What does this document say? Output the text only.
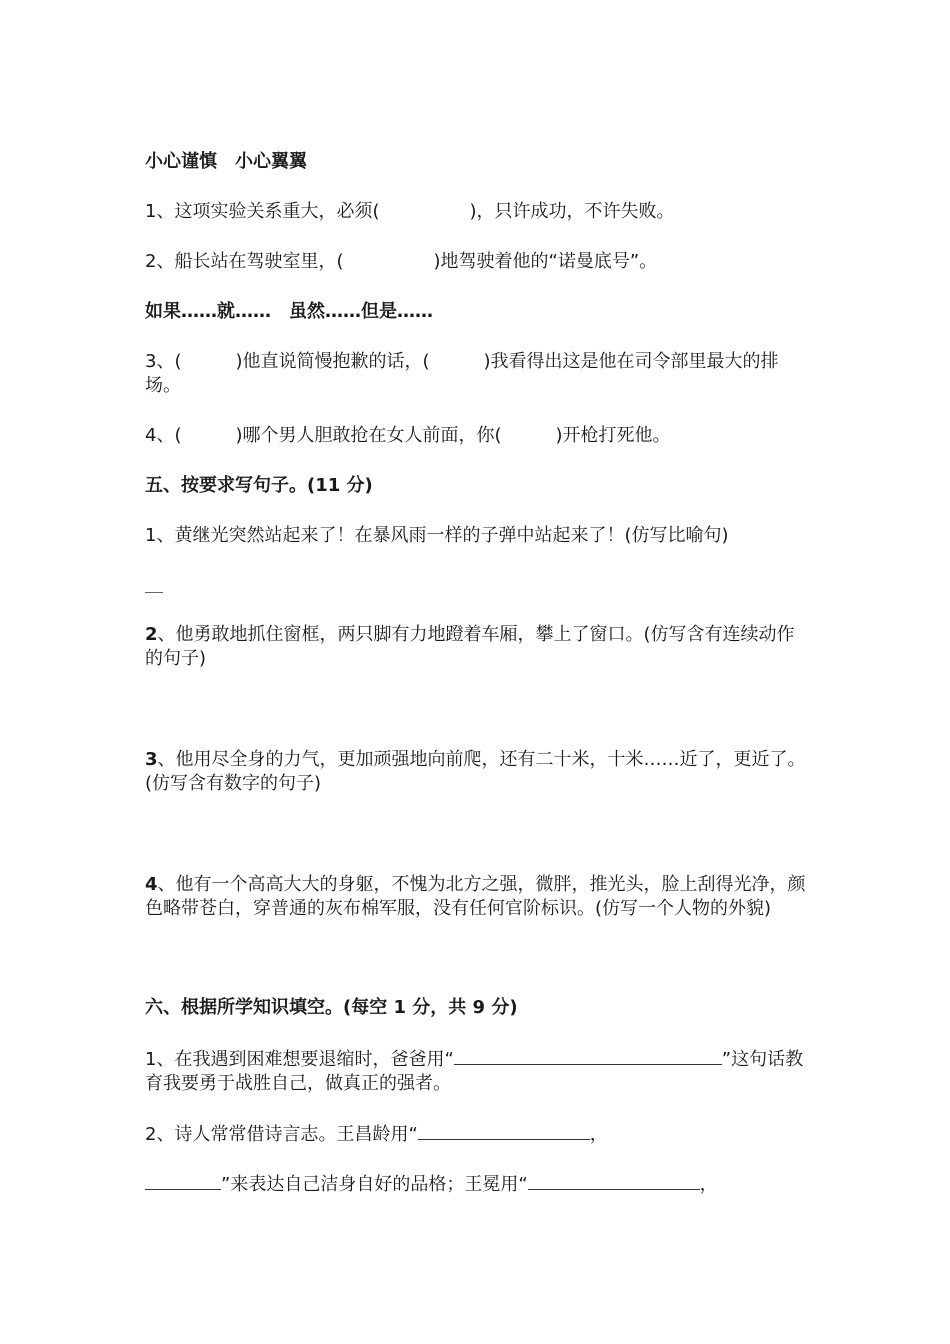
小心谨慎　小心翼翼
1、这项实验关系重大，必须(　　　　　)，只许成功，不许失败。
2、船长站在驾驶室里，(　　　　　)地驾驶着他的“诺曼底号”。
如果……就……　虽然……但是……
3、(　　　)他直说简慢抱歉的话，(　　　)我看得出这是他在司令部里最大的排场。
4、(　　　)哪个男人胆敢抢在女人前面，你(　　　)开枪打死他。
五、按要求写句子。(11 分)
1、黄继光突然站起来了！在暴风雨一样的子弹中站起来了！(仿写比喻句)
2、他勇敢地抓住窗框，两只脚有力地蹬着车厢，攀上了窗口。(仿写含有连续动作的句子)
3、他用尽全身的力气，更加顽强地向前爬，还有二十米，十米……近了，更近了。(仿写含有数字的句子)
4、他有一个高高大大的身躯，不愧为北方之强，微胖，推光头，脸上刮得光净，颜色略带苍白，穿普通的灰布棉军服，没有任何官阶标识。(仿写一个人物的外貌)
六、根据所学知识填空。(每空 1 分，共 9 分)
1、在我遇到困难想要退缩时，爸爸用“	”这句话教育我要勇于战胜自己，做真正的强者。
2、诗人常常借诗言志。王昌龄用“	，
”来表达自己洁身自好的品格；王冕用“	，
